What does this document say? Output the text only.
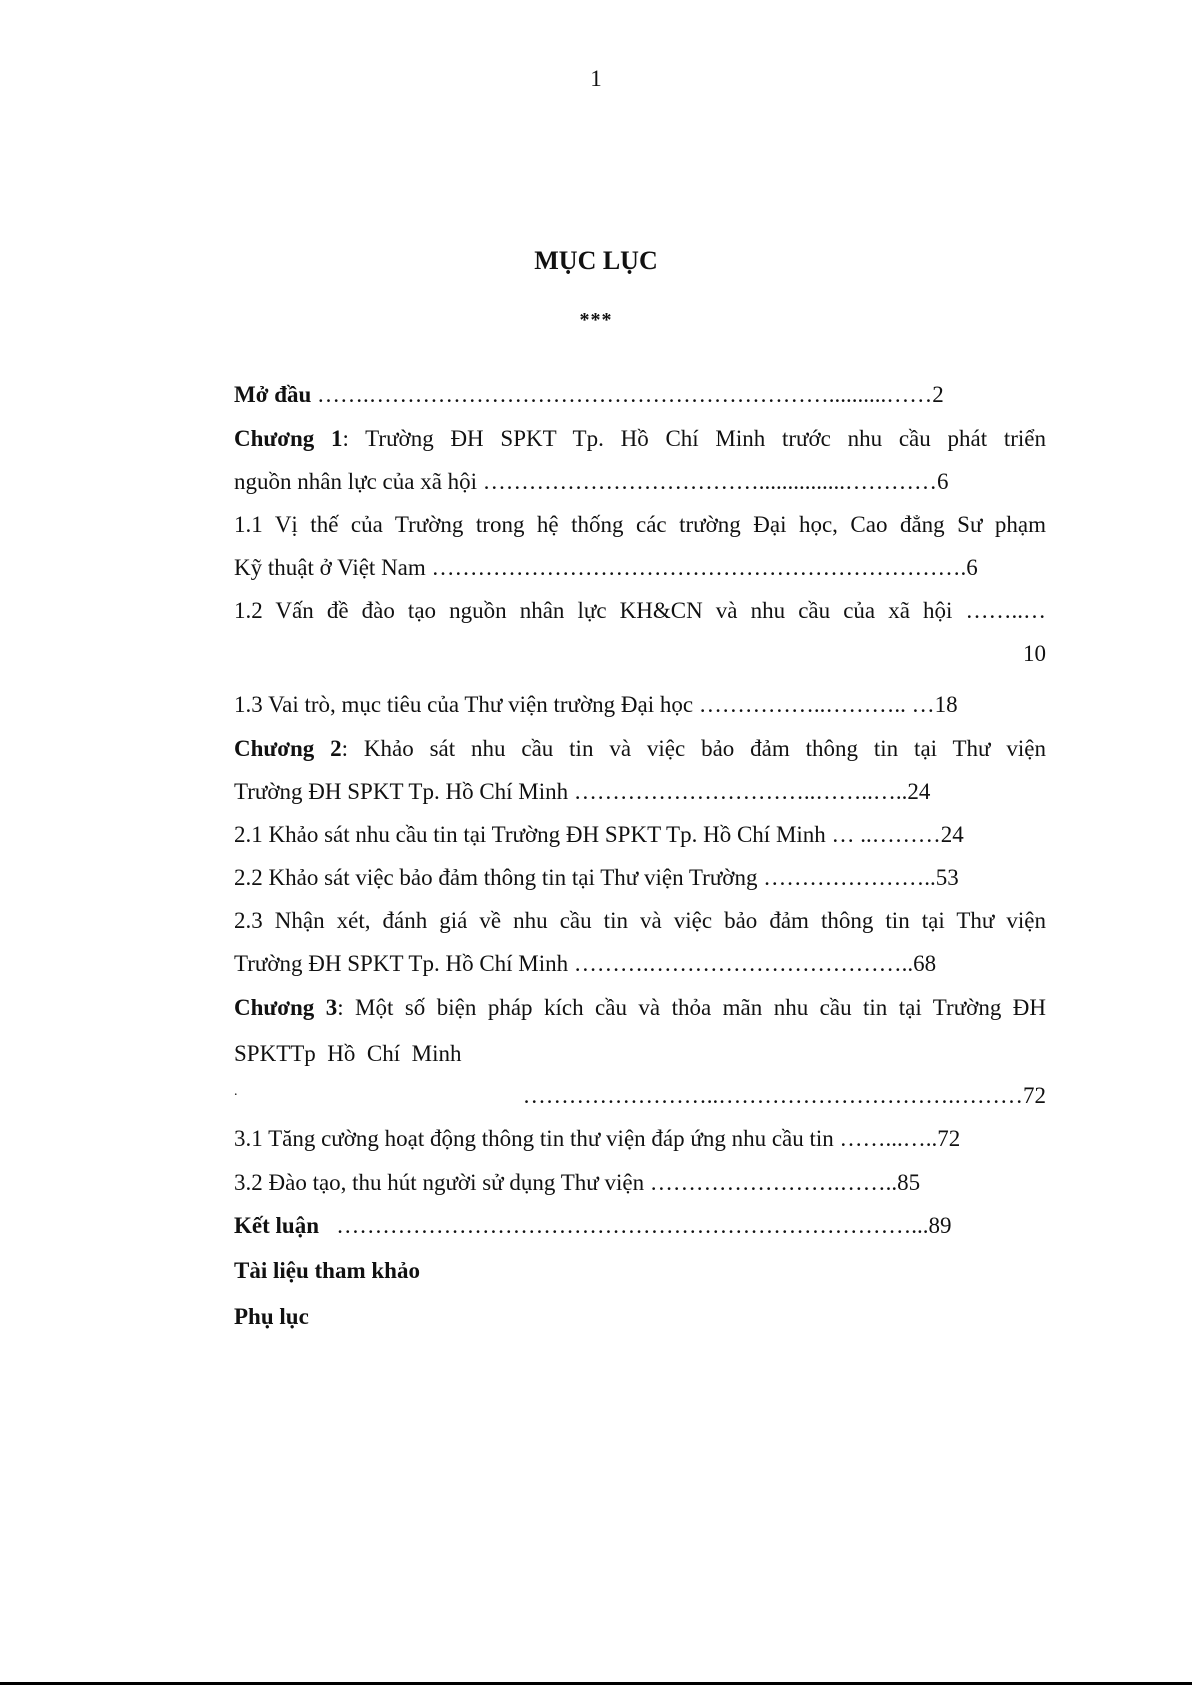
1
MỤC LỤC
***
Mở đầu …….……………………………………………………..........……2
Chương 1: Trường ĐH SPKT Tp. Hồ Chí Minh trước nhu cầu phát triển
nguồn nhân lực của xã hội ………………………………...............…………6
1.1 Vị thế của Trường trong hệ thống các trường Đại học, Cao đẳng Sư phạm
Kỹ thuật ở Việt Nam …………………………………………………………….6
1.2 Vấn đề đào tạo nguồn nhân lực KH&CN và nhu cầu của xã hội ……..…
10
1.3 Vai trò, mục tiêu của Thư viện trường Đại học ……………..……….. …18
Chương 2: Khảo sát nhu cầu tin và việc bảo đảm thông tin tại Thư viện
Trường ĐH SPKT Tp. Hồ Chí Minh …………………………..……..…..24
2.1 Khảo sát nhu cầu tin tại Trường ĐH SPKT Tp. Hồ Chí Minh … ..………24
2.2 Khảo sát việc bảo đảm thông tin tại Thư viện Trường …………………..53
2.3 Nhận xét, đánh giá về nhu cầu tin và việc bảo đảm thông tin tại Thư viện
Trường ĐH SPKT Tp. Hồ Chí Minh ……….……………………………..68
Chương 3: Một số biện pháp kích cầu và thỏa mãn nhu cầu tin tại Trường ĐH
SPKTTp  Hồ  Chí  Minh
.	……………………..………………………….………72
3.1 Tăng cường hoạt động thông tin thư viện đáp ứng nhu cầu tin ……...…..72
3.2 Đào tạo, thu hút người sử dụng Thư viện …………………….……..85
Kết luận   …………………………………………………………………...89
Tài liệu tham khảo
Phụ lục
